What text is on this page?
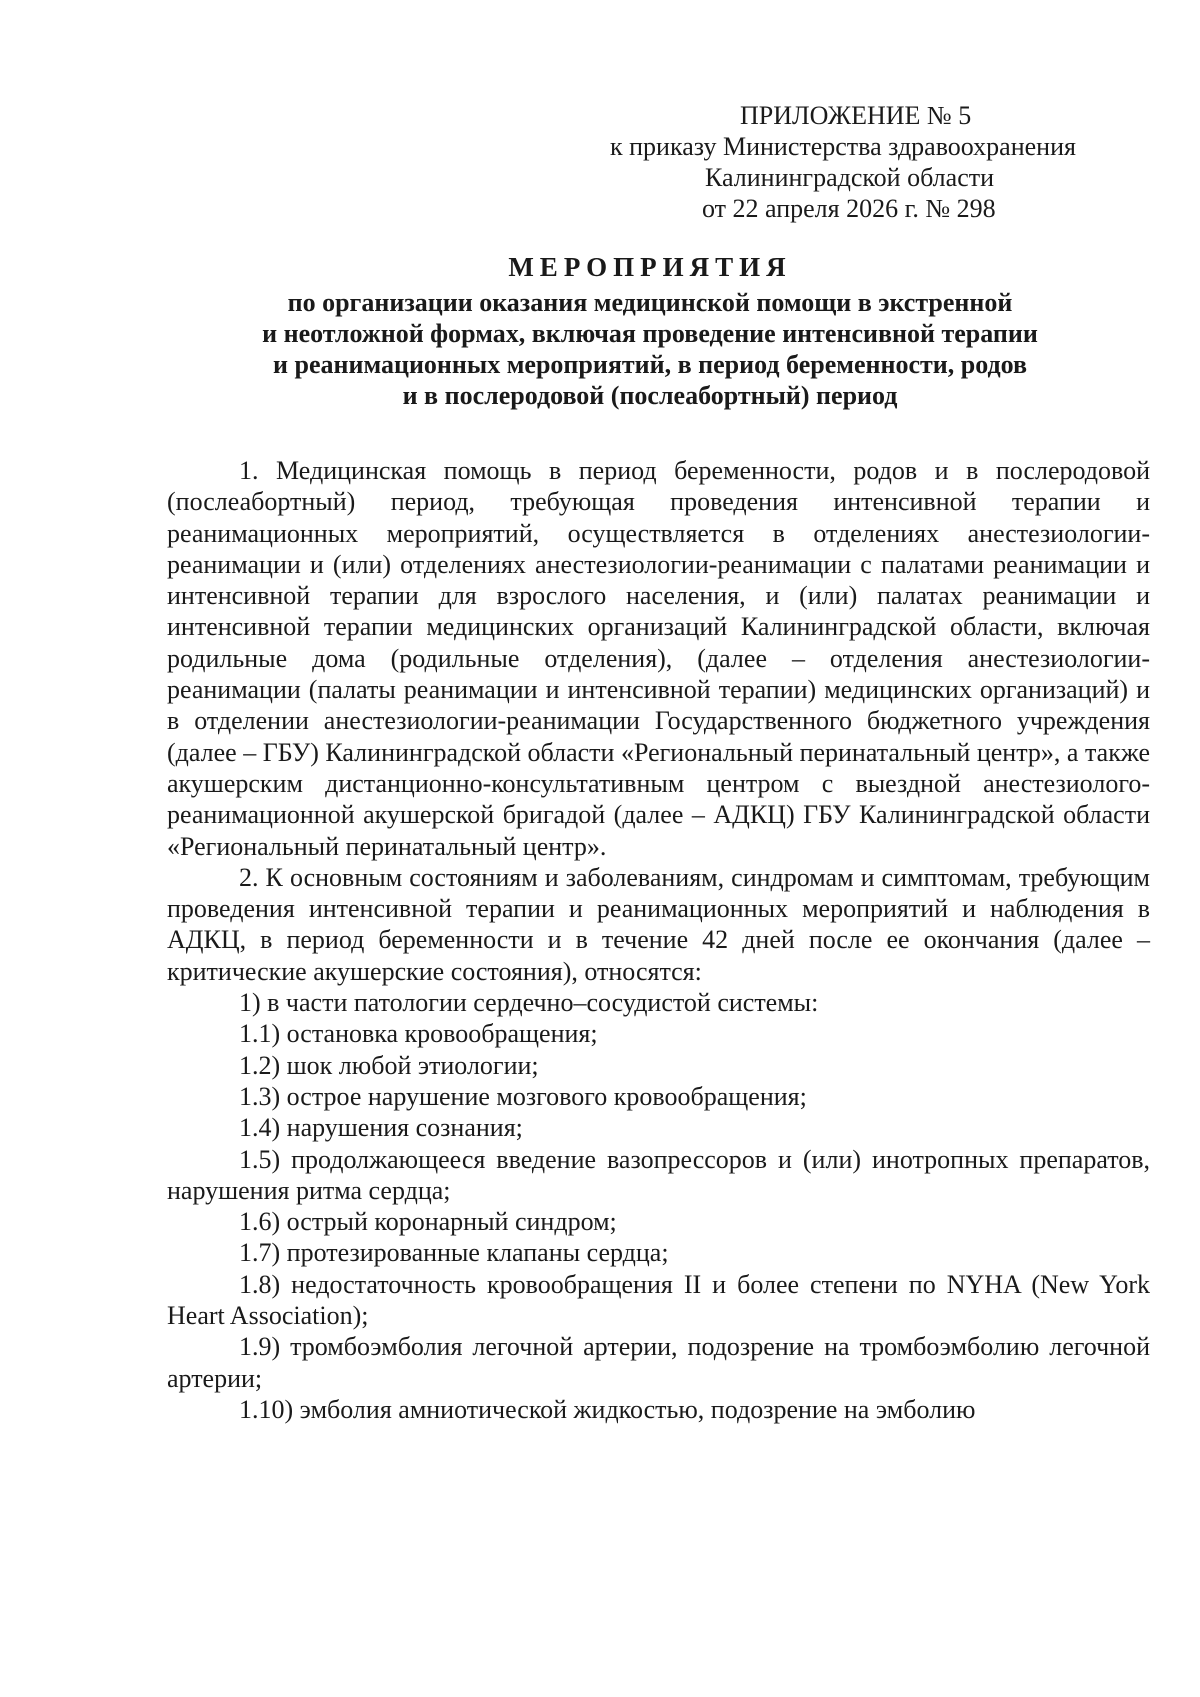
ПРИЛОЖЕНИЕ № 5
к приказу Министерства здравоохранения
Калининградской области
от 22 апреля 2026 г. № 298
МЕРОПРИЯТИЯ
по организации оказания медицинской помощи в экстренной
и неотложной формах, включая проведение интенсивной терапии
и реанимационных мероприятий, в период беременности, родов
и в послеродовой (послеабортный) период

1. Медицинская помощь в период беременности, родов и в послеродовой (послеабортный) период, требующая проведения интенсивной терапии и реанимационных мероприятий, осуществляется в отделениях анестезиологии-реанимации и (или) отделениях анестезиологии-реанимации с палатами реанимации и интенсивной терапии для взрослого населения, и (или) палатах реанимации и интенсивной терапии медицинских организаций Калининградской области, включая родильные дома (родильные отделения), (далее – отделения анестезиологии-реанимации (палаты реанимации и интенсивной терапии) медицинских организаций) и в отделении анестезиологии-реанимации Государственного бюджетного учреждения (далее – ГБУ) Калининградской области «Региональный перинатальный центр», а также акушерским дистанционно-консультативным центром с выездной анестезиолого-реанимационной акушерской бригадой (далее – АДКЦ) ГБУ Калининградской области «Региональный перинатальный центр».

2. К основным состояниям и заболеваниям, синдромам и симптомам, требующим проведения интенсивной терапии и реанимационных мероприятий и наблюдения в АДКЦ, в период беременности и в течение 42 дней после ее окончания (далее – критические акушерские состояния), относятся:

1) в части патологии сердечно–сосудистой системы:

1.1) остановка кровообращения;

1.2) шок любой этиологии;

1.3) острое нарушение мозгового кровообращения;

1.4) нарушения сознания;

1.5) продолжающееся введение вазопрессоров и (или) инотропных препаратов, нарушения ритма сердца;

1.6) острый коронарный синдром;

1.7) протезированные клапаны сердца;

1.8) недостаточность кровообращения II и более степени по NYHA (New York Heart Association);

1.9) тромбоэмболия легочной артерии, подозрение на тромбоэмболию легочной артерии;

1.10) эмболия амниотической жидкостью, подозрение на эмболию
